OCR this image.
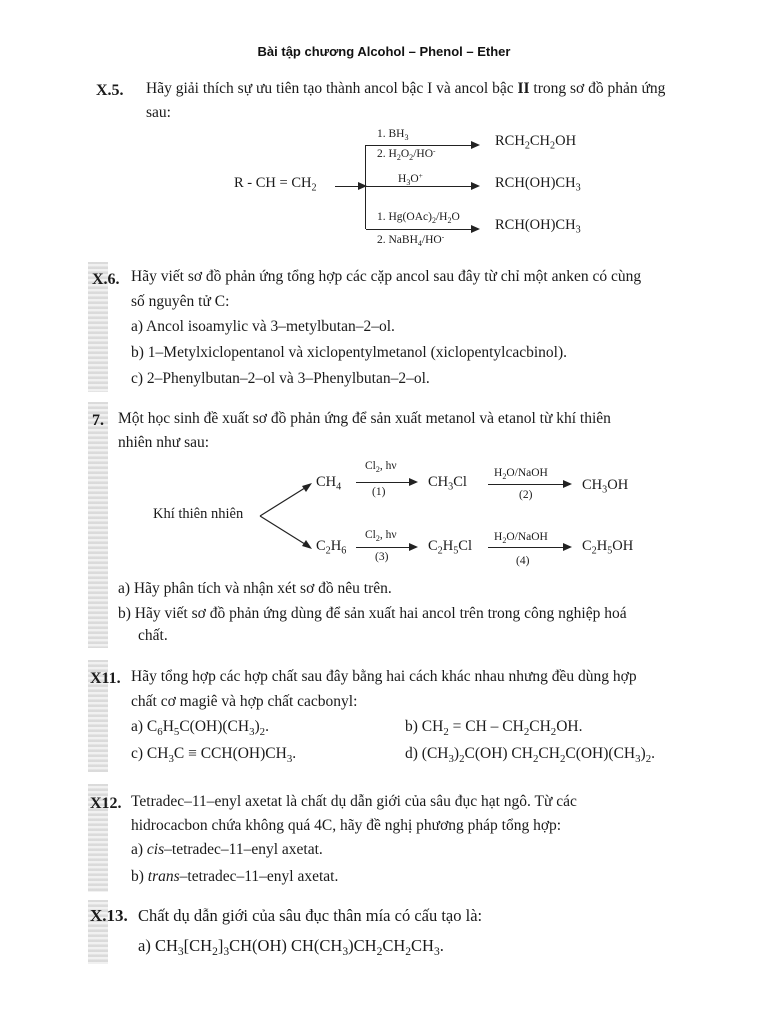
Bài tập chương Alcohol – Phenol – Ether
X.5. Hãy giải thích sự ưu tiên tạo thành ancol bậc I và ancol bậc II trong sơ đồ phản ứng
sau:
R - CH = $CH_2$
1. $BH_3$
2. $H_2O_2/HO^-$
$RCH_2CH_2OH$
$H_3O^+$	$RCH(OH)CH_3$
1. $Hg(OAc)_2/H_2O$
2. NaBH$_4$/HO-
$RCH(OH)CH_3$
X.6. Hãy viết sơ đồ phản ứng tổng hợp các cặp ancol sau đây từ chỉ một anken có cùng
số nguyên tử C:
a) Ancol isoamylic và 3–metylbutan–2–ol.
b) 1–Metylxiclopentanol và xiclopentylmetanol (xiclopentylcacbinol).
c) 2–Phenylbutan–2–ol và 3–Phenylbutan–2–ol.
7. Một học sinh đề xuất sơ đồ phản ứng để sản xuất metanol và etanol từ khí thiên
nhiên như sau:
Khí thiên nhiên
$CH_4$
$Cl_2$, hν
(1)
$CH_3Cl$
$H_2O$/NaOH
(2)
$CH_3OH$
$C_2H_6$
$Cl_2$, hν
(3)
$C_2H_5Cl$
$H_2O$/NaOH
(4)
$C_2H_5OH$
a) Hãy phân tích và nhận xét sơ đồ nêu trên.
b) Hãy viết sơ đồ phản ứng dùng để sản xuất hai ancol trên trong công nghiệp hoá
chất.
X11. Hãy tổng hợp các hợp chất sau đây bằng hai cách khác nhau nhưng đều dùng hợp
chất cơ magiê và hợp chất cacbonyl:
a) $C_6H_5C(OH)(CH_3)_2$.	b) $CH_2$ = CH – $CH_2CH_2OH$.
c) $CH_3C \equiv CCH(OH)CH_3$.	d) $(CH_3)_2C(OH)$ $CH_2CH_2C(OH)(CH_3)_2$.
X12. Tetradec–11–enyl axetat là chất dụ dẫn giới của sâu đục hạt ngô. Từ các
hidrocacbon chứa không quá 4C, hãy đề nghị phương pháp tổng hợp:
a) cis–tetradec–11–enyl axetat.
b) trans–tetradec–11–enyl axetat.
X.13. Chất dụ dẫn giới của sâu đục thân mía có cấu tạo là:
a) $CH_3[CH_2]_3CH(OH)$ $CH(CH_3)CH_2CH_2CH_3$.
